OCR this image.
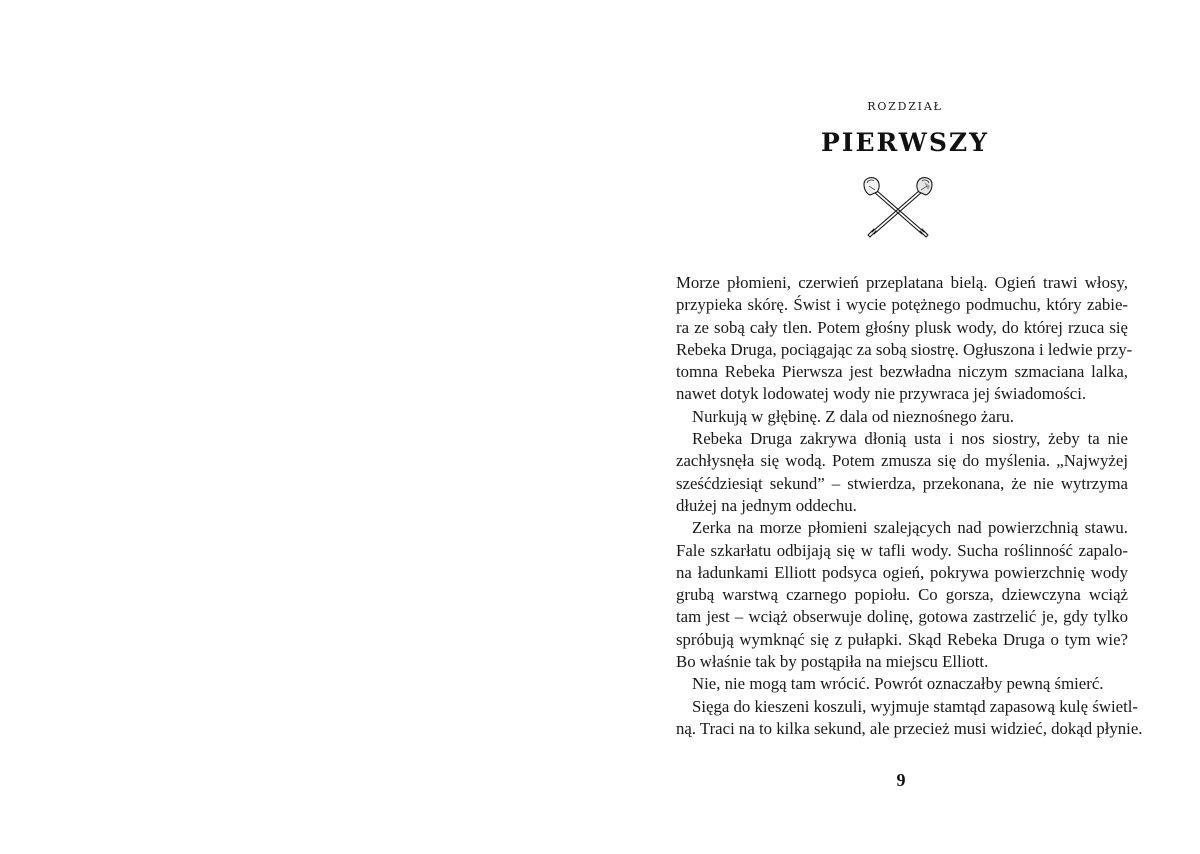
rozdział
PIERWSZY

Morze płomieni, czerwień przeplatana bielą. Ogień trawi włosy,
przypieka skórę. Świst i wycie potężnego podmuchu, który zabie-
ra ze sobą cały tlen. Potem głośny plusk wody, do której rzuca się
Rebeka Druga, pociągając za sobą siostrę. Ogłuszona i ledwie przy-
tomna Rebeka Pierwsza jest bezwładna niczym szmaciana lalka,
nawet dotyk lodowatej wody nie przywraca jej świadomości.

Nurkują w głębinę. Z dala od nieznośnego żaru.

Rebeka Druga zakrywa dłonią usta i nos siostry, żeby ta nie
zachłysnęła się wodą. Potem zmusza się do myślenia. „Najwyżej
sześćdziesiąt sekund” – stwierdza, przekonana, że nie wytrzyma
dłużej na jednym oddechu.

Zerka na morze płomieni szalejących nad powierzchnią stawu.
Fale szkarłatu odbijają się w tafli wody. Sucha roślinność zapalo-
na ładunkami Elliott podsyca ogień, pokrywa powierzchnię wody
grubą warstwą czarnego popiołu. Co gorsza, dziewczyna wciąż
tam jest – wciąż obserwuje dolinę, gotowa zastrzelić je, gdy tylko
spróbują wymknąć się z pułapki. Skąd Rebeka Druga o tym wie?
Bo właśnie tak by postąpiła na miejscu Elliott.

Nie, nie mogą tam wrócić. Powrót oznaczałby pewną śmierć.

Sięga do kieszeni koszuli, wyjmuje stamtąd zapasową kulę świetl-
ną. Traci na to kilka sekund, ale przecież musi widzieć, dokąd płynie.

9
